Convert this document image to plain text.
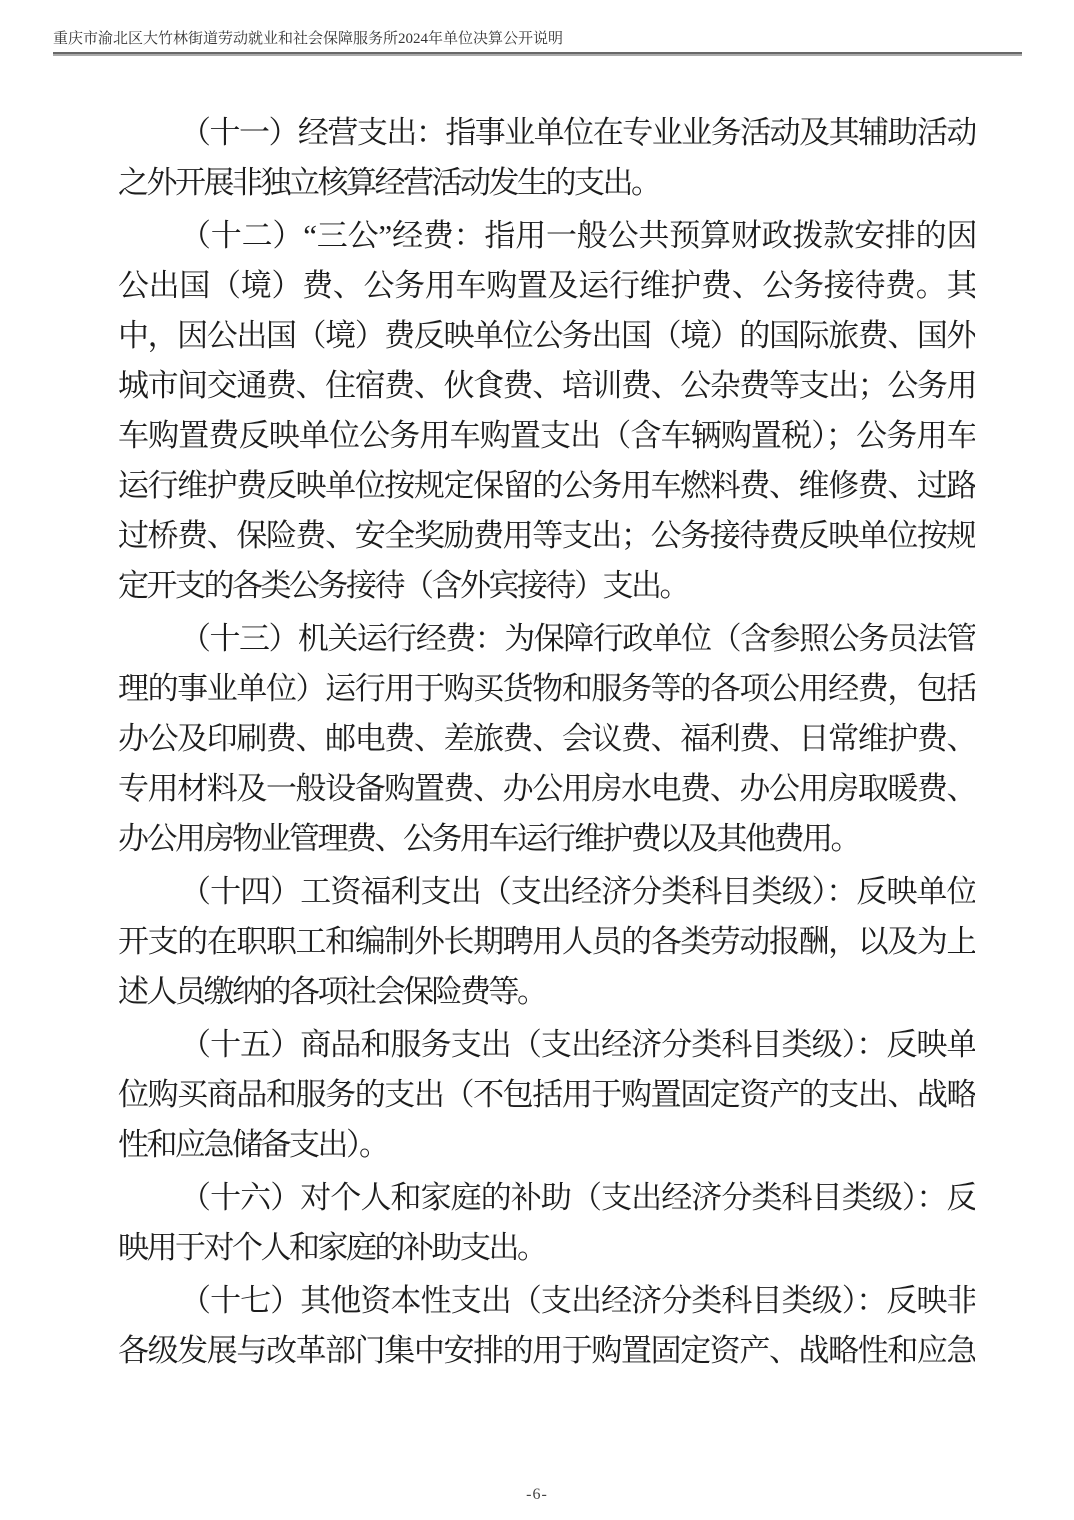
重庆市渝北区大竹林街道劳动就业和社会保障服务所2024年单位决算公开说明
（十一）经营支出：指事业单位在专业业务活动及其辅助活动
之外开展非独立核算经营活动发生的支出。
（十二）“三公”经费：指用一般公共预算财政拨款安排的因
公出国（境）费、公务用车购置及运行维护费、公务接待费。其
中，因公出国（境）费反映单位公务出国（境）的国际旅费、国外
城市间交通费、住宿费、伙食费、培训费、公杂费等支出；公务用
车购置费反映单位公务用车购置支出（含车辆购置税）；公务用车
运行维护费反映单位按规定保留的公务用车燃料费、维修费、过路
过桥费、保险费、安全奖励费用等支出；公务接待费反映单位按规
定开支的各类公务接待（含外宾接待）支出。
（十三）机关运行经费：为保障行政单位（含参照公务员法管
理的事业单位）运行用于购买货物和服务等的各项公用经费，包括
办公及印刷费、邮电费、差旅费、会议费、福利费、日常维护费、
专用材料及一般设备购置费、办公用房水电费、办公用房取暖费、
办公用房物业管理费、公务用车运行维护费以及其他费用。
（十四）工资福利支出（支出经济分类科目类级）：反映单位
开支的在职职工和编制外长期聘用人员的各类劳动报酬，以及为上
述人员缴纳的各项社会保险费等。
（十五）商品和服务支出（支出经济分类科目类级）：反映单
位购买商品和服务的支出（不包括用于购置固定资产的支出、战略
性和应急储备支出）。
（十六）对个人和家庭的补助（支出经济分类科目类级）：反
映用于对个人和家庭的补助支出。
（十七）其他资本性支出（支出经济分类科目类级）：反映非
各级发展与改革部门集中安排的用于购置固定资产、战略性和应急
-6-
